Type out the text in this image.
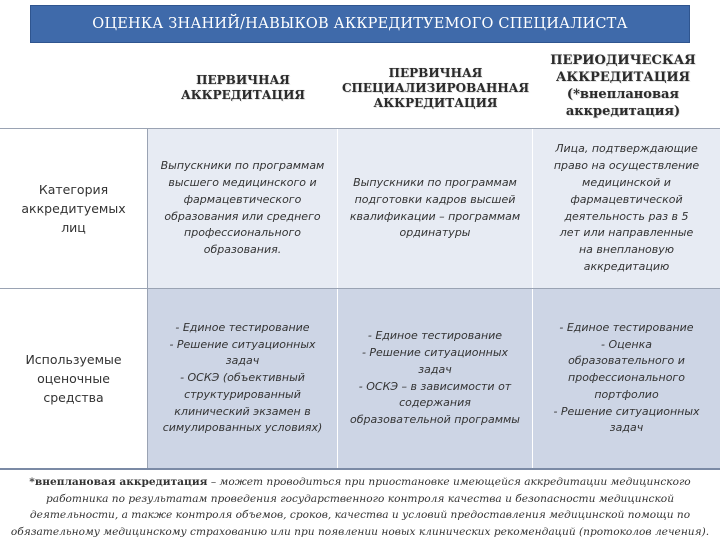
ОЦЕНКА ЗНАНИЙ/НАВЫКОВ АККРЕДИТУЕМОГО СПЕЦИАЛИСТА
ПЕРВИЧНАЯ
АККРЕДИТАЦИЯ
ПЕРВИЧНАЯ
СПЕЦИАЛИЗИРОВАННАЯ
АККРЕДИТАЦИЯ
ПЕРИОДИЧЕСКАЯ
АККРЕДИТАЦИЯ
(*внеплановая
аккредитация)
Категория
аккредитуемых
лиц
Выпускники по программам
высшего медицинского и
фармацевтического
образования или среднего
профессионального
образования.
Выпускники по программам
подготовки кадров высшей
квалификации – программам
ординатуры
Лица, подтверждающие
право на осуществление
медицинской и
фармацевтической
деятельность раз в 5
лет или направленные
на внеплановую
аккредитацию
Используемые
оценочные
средства
- Единое тестирование
- Решение ситуационных
задач
- ОСКЭ (объективный
структурированный
клинический экзамен в
симулированных условиях)
- Единое тестирование
- Решение ситуационных
задач
- ОСКЭ – в зависимости от
содержания
образовательной программы
- Единое тестирование
- Оценка
образовательного и
профессионального
портфолио
- Решение ситуационных
задач
*внеплановая аккредитация – может проводиться при приостановке имеющейся аккредитации медицинского работника по результатам проведения государственного контроля качества и безопасности медицинской деятельности, а также контроля объемов, сроков, качества и условий предоставления медицинской помощи по обязательному медицинскому страхованию или при появлении новых клинических рекомендаций (протоколов лечения).
